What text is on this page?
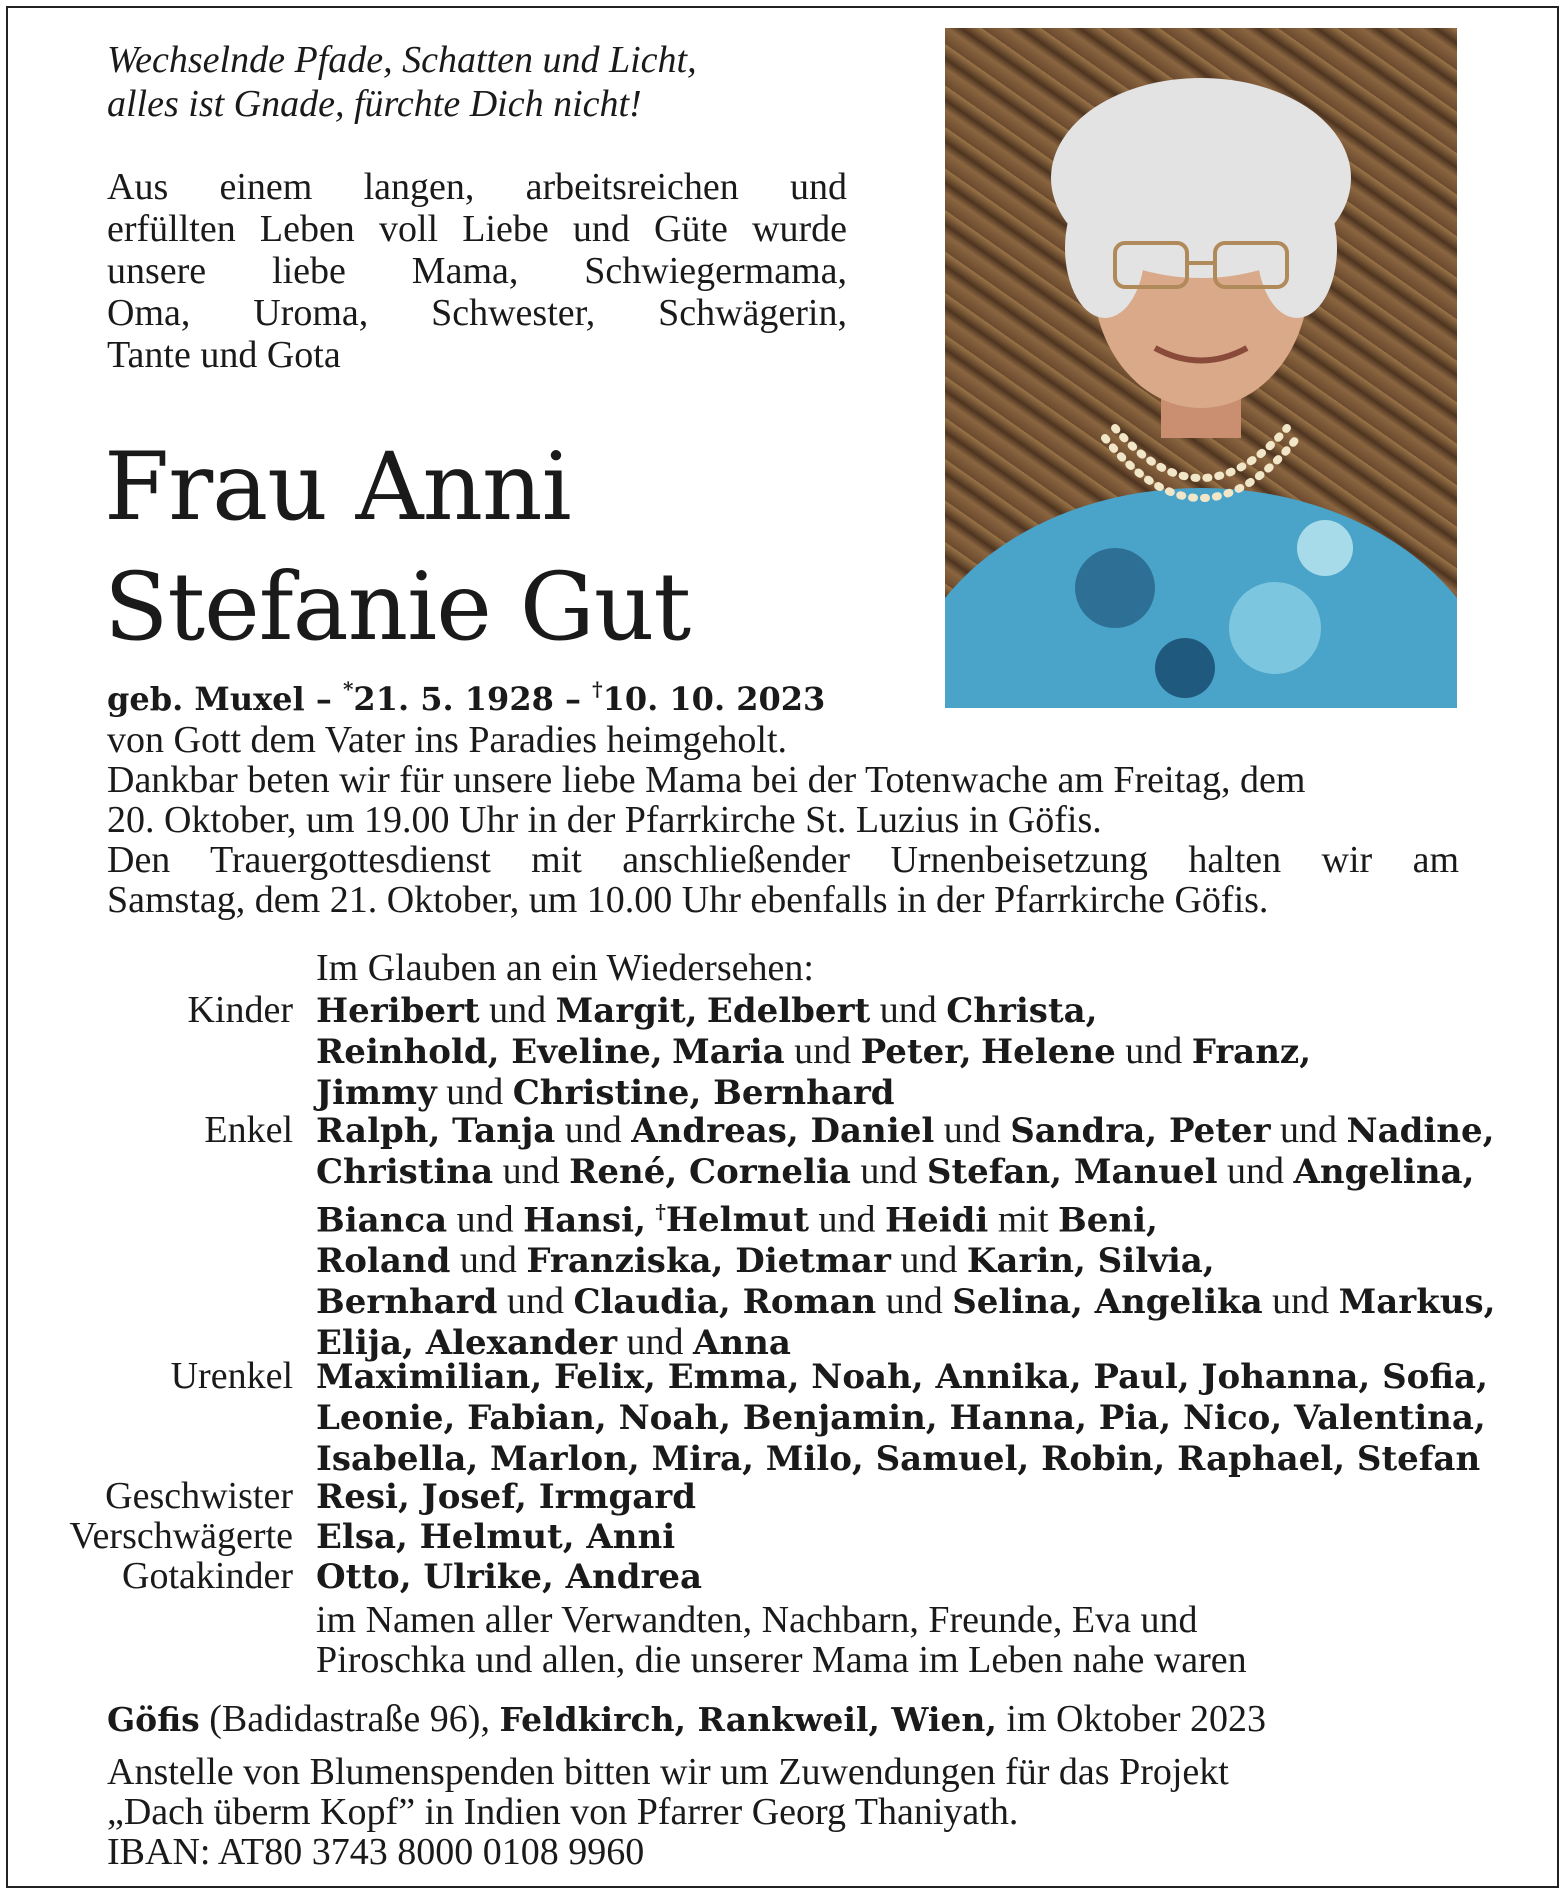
Wechselnde Pfade, Schatten und Licht,
alles ist Gnade, fürchte Dich nicht!
Aus einem langen, arbeitsreichen und
erfüllten Leben voll Liebe und Güte wurde
unsere liebe Mama, Schwiegermama,
Oma, Uroma, Schwester, Schwägerin,
Tante und Gota
Frau Anni
Stefanie Gut
geb. Muxel – *21. 5. 1928 – †10. 10. 2023
von Gott dem Vater ins Paradies heimgeholt.
Dankbar beten wir für unsere liebe Mama bei der Totenwache am Freitag, dem
20. Oktober, um 19.00 Uhr in der Pfarrkirche St. Luzius in Göfis.
Den Trauergottesdienst mit anschließender Urnenbeisetzung halten wir am
Samstag, dem 21. Oktober, um 10.00 Uhr ebenfalls in der Pfarrkirche Göfis.
Im Glauben an ein Wiedersehen:
Kinder Heribert und Margit, Edelbert und Christa,
Reinhold, Eveline, Maria und Peter, Helene und Franz,
Jimmy und Christine, Bernhard
Enkel Ralph, Tanja und Andreas, Daniel und Sandra, Peter und Nadine,
Christina und René, Cornelia und Stefan, Manuel und Angelina,
Bianca und Hansi, †Helmut und Heidi mit Beni,
Roland und Franziska, Dietmar und Karin, Silvia,
Bernhard und Claudia, Roman und Selina, Angelika und Markus,
Elija, Alexander und Anna
Urenkel Maximilian, Felix, Emma, Noah, Annika, Paul, Johanna, Sofia,
Leonie, Fabian, Noah, Benjamin, Hanna, Pia, Nico, Valentina,
Isabella, Marlon, Mira, Milo, Samuel, Robin, Raphael, Stefan
Geschwister Resi, Josef, Irmgard
Verschwägerte Elsa, Helmut, Anni
Gotakinder Otto, Ulrike, Andrea
im Namen aller Verwandten, Nachbarn, Freunde, Eva und
Piroschka und allen, die unserer Mama im Leben nahe waren
Göfis (Badidastraße 96), Feldkirch, Rankweil, Wien, im Oktober 2023
Anstelle von Blumenspenden bitten wir um Zuwendungen für das Projekt
„Dach überm Kopf” in Indien von Pfarrer Georg Thaniyath.
IBAN: AT80 3743 8000 0108 9960
